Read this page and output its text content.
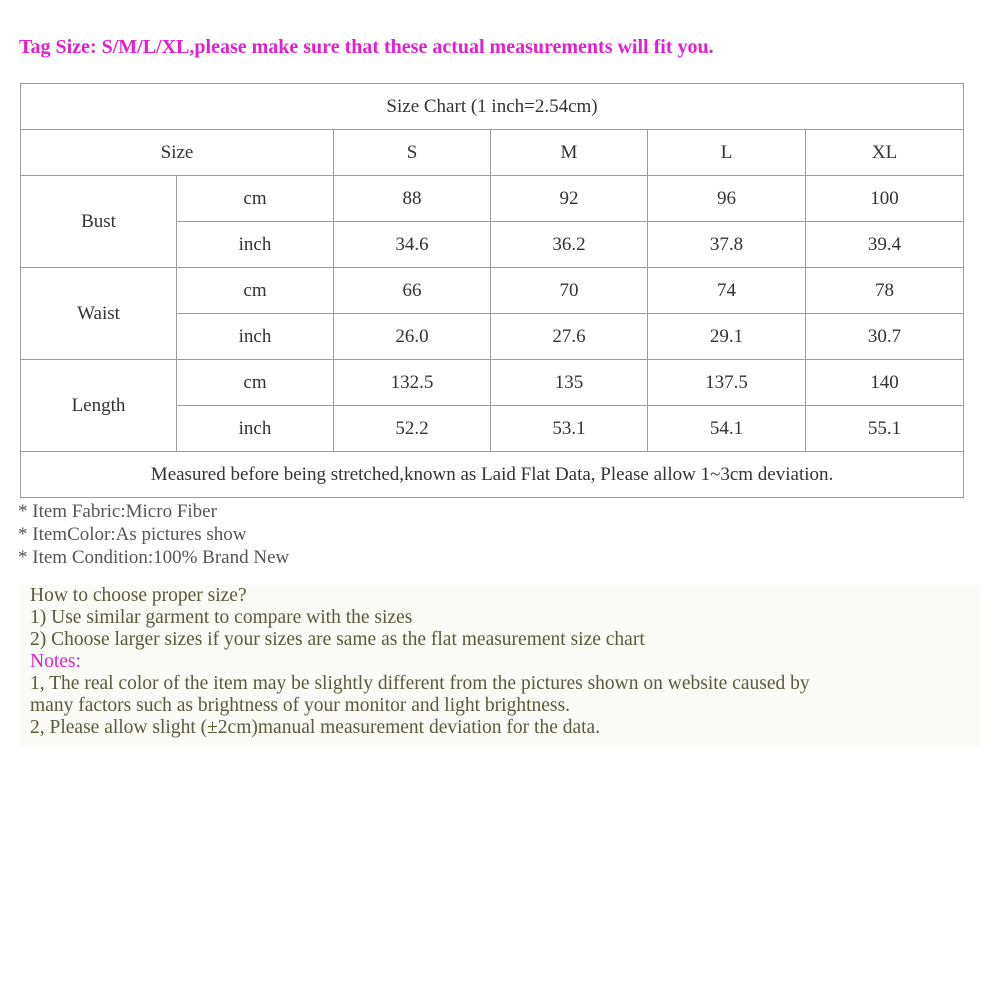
Tag Size: S/M/L/XL,please make sure that these actual measurements will fit you.
Size Chart (1 inch=2.54cm)					
Size		S	M	L	XL
Bust	cm	88	92	96	100
	inch	34.6	36.2	37.8	39.4
Waist	cm	66	70	74	78
	inch	26.0	27.6	29.1	30.7
Length	cm	132.5	135	137.5	140
	inch	52.2	53.1	54.1	55.1
Measured before being stretched,known as Laid Flat Data, Please allow 1~3cm deviation.					
* Item Fabric:Micro Fiber
* ItemColor:As pictures show
* Item Condition:100% Brand New
How to choose proper size?
1) Use similar garment to compare with the sizes
2) Choose larger sizes if your sizes are same as the flat measurement size chart
Notes:
1, The real color of the item may be slightly different from the pictures shown on website caused by
many factors such as brightness of your monitor and light brightness.
2, Please allow slight (±2cm)manual measurement deviation for the data.
